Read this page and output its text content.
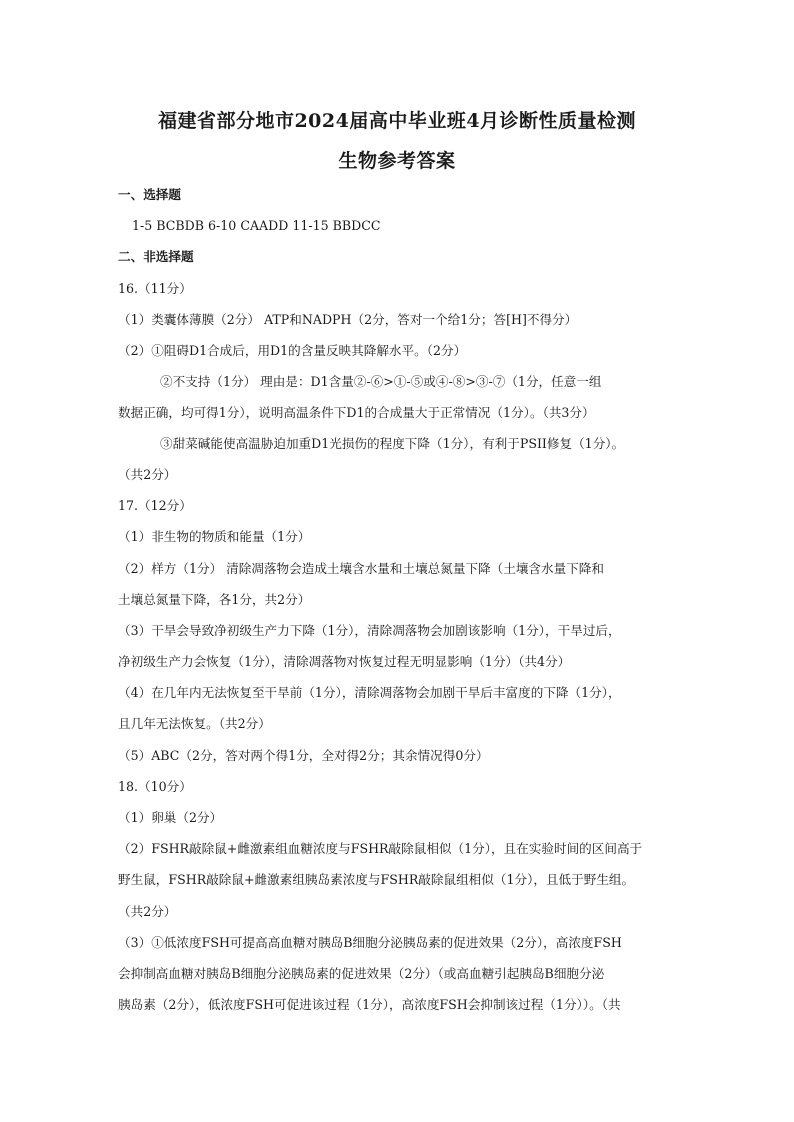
福建省部分地市2024届高中毕业班4月诊断性质量检测
生物参考答案
一、选择题
1-5 BCBDB 6-10 CAADD 11-15 BBDCC
二、非选择题
16.（11分）
（1）类囊体薄膜（2分） ATP和NADPH（2分，答对一个给1分；答[H]不得分）
（2）①阻碍D1合成后，用D1的含量反映其降解水平。（2分）
②不支持（1分） 理由是：D1含量②-⑥>①-⑤或④-⑧>③-⑦（1分，任意一组
数据正确，均可得1分），说明高温条件下D1的合成量大于正常情况（1分）。（共3分）
③甜菜碱能使高温胁迫加重D1光损伤的程度下降（1分），有利于PSII修复（1分）。
（共2分）
17.（12分）
（1）非生物的物质和能量（1分）
（2）样方（1分） 清除凋落物会造成土壤含水量和土壤总氮量下降（土壤含水量下降和
土壤总氮量下降，各1分，共2分）
（3）干旱会导致净初级生产力下降（1分），清除凋落物会加剧该影响（1分），干旱过后，
净初级生产力会恢复（1分），清除凋落物对恢复过程无明显影响（1分）（共4分）
（4）在几年内无法恢复至干旱前（1分），清除凋落物会加剧干旱后丰富度的下降（1分），
且几年无法恢复。（共2分）
（5）ABC（2分，答对两个得1分，全对得2分；其余情况得0分）
18.（10分）
（1）卵巢（2分）
（2）FSHR敲除鼠+雌激素组血糖浓度与FSHR敲除鼠相似（1分），且在实验时间的区间高于
野生鼠，FSHR敲除鼠+雌激素组胰岛素浓度与FSHR敲除鼠组相似（1分），且低于野生组。
（共2分）
（3）①低浓度FSH可提高高血糖对胰岛B细胞分泌胰岛素的促进效果（2分），高浓度FSH
会抑制高血糖对胰岛B细胞分泌胰岛素的促进效果（2分）（或高血糖引起胰岛B细胞分泌
胰岛素（2分），低浓度FSH可促进该过程（1分），高浓度FSH会抑制该过程（1分））。（共
